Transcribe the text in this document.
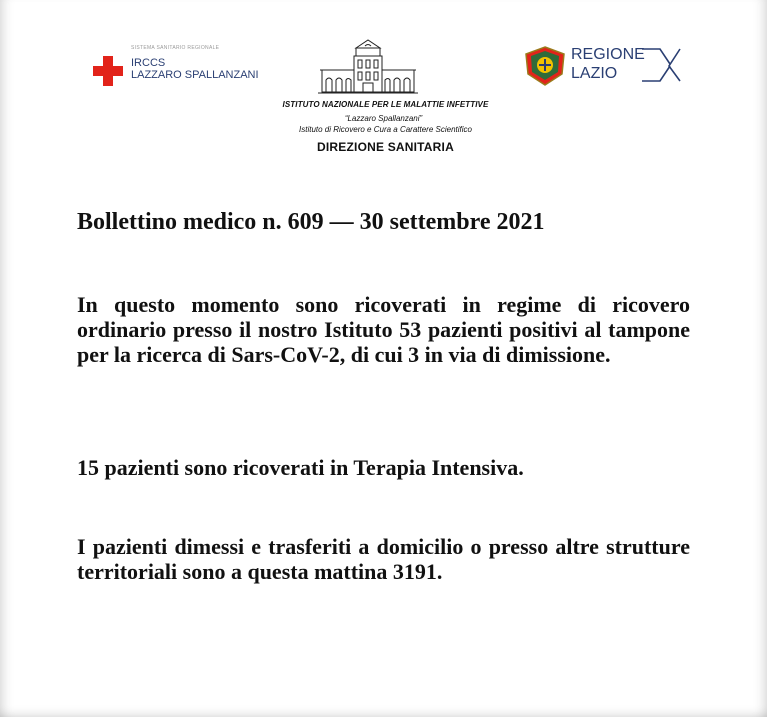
SISTEMA SANITARIO REGIONALE
IRCCS
LAZZARO SPALLANZANI
REGIONE
LAZIO
ISTITUTO NAZIONALE PER LE MALATTIE INFETTIVE
“Lazzaro Spallanzani”
Istituto di Ricovero e Cura a Carattere Scientifico
DIREZIONE SANITARIA
Bollettino medico n. 609 — 30 settembre 2021
In questo momento sono ricoverati in regime di ricovero ordinario presso il nostro Istituto 53 pazienti positivi al tampone per la ricerca di Sars-CoV-2, di cui 3 in via di dimissione.
15 pazienti sono ricoverati in Terapia Intensiva.
I pazienti dimessi e trasferiti a domicilio o presso altre strutture territoriali sono a questa mattina 3191.
